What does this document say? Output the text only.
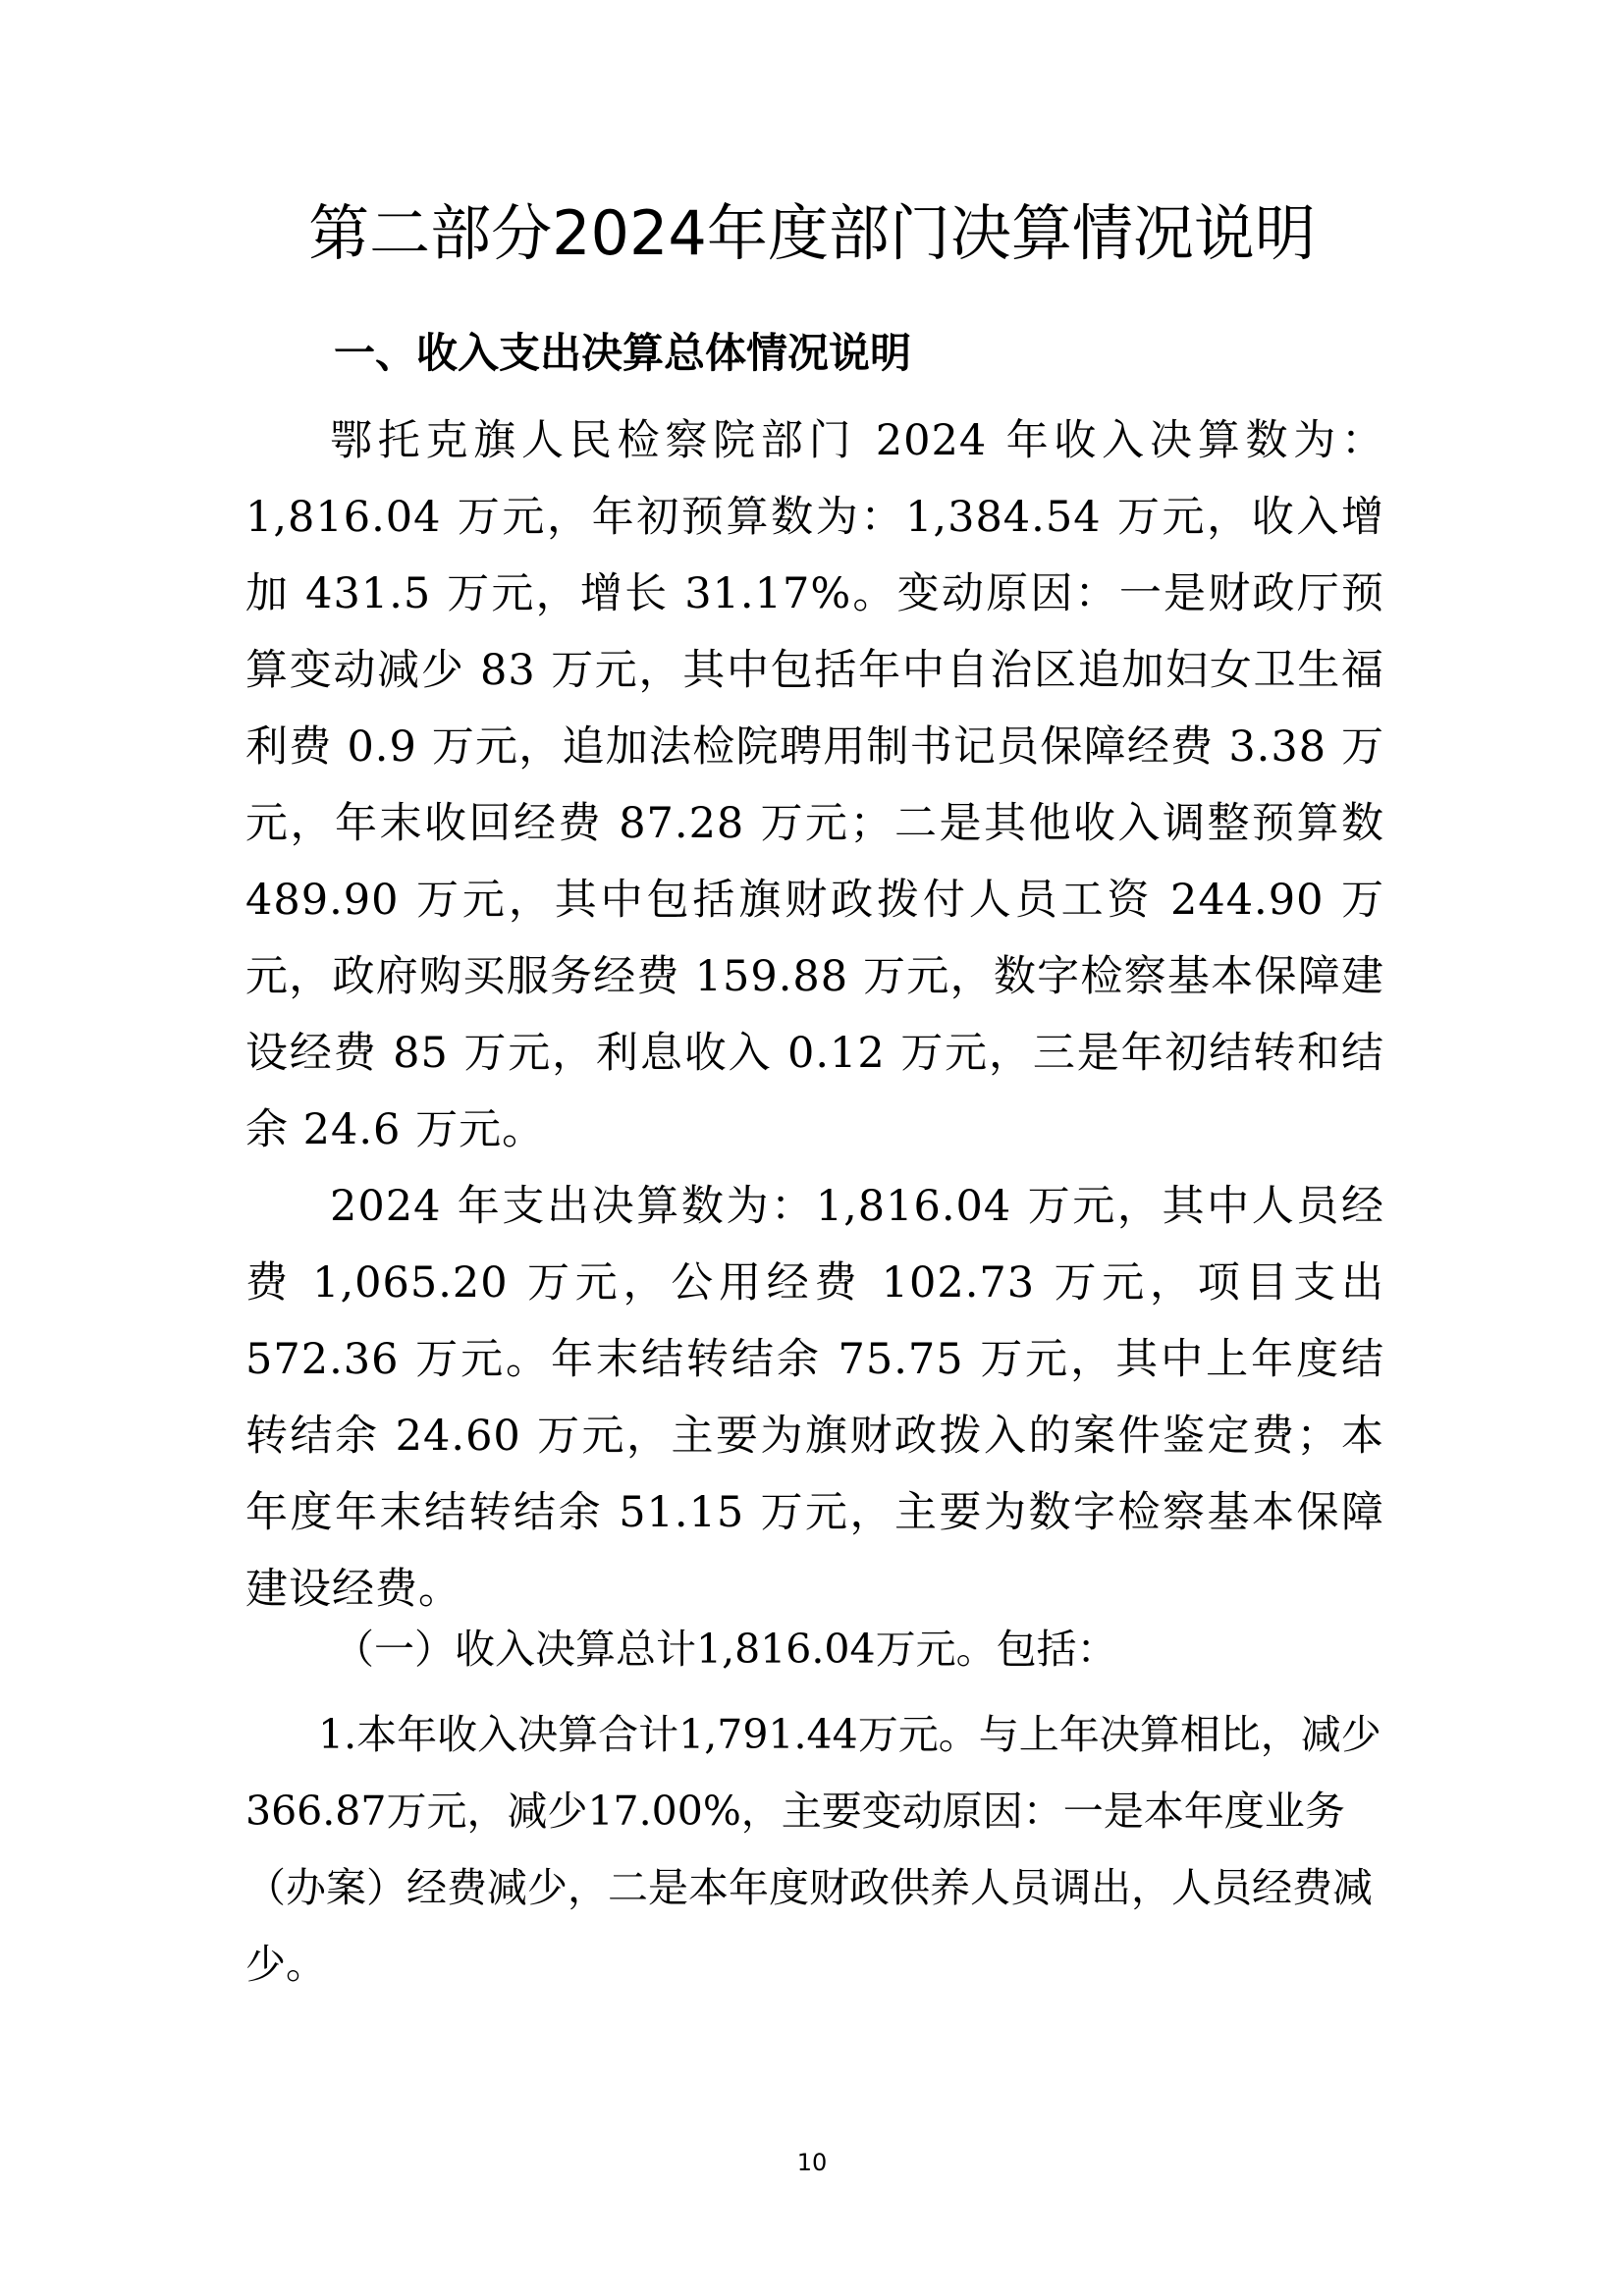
第二部分2024年度部门决算情况说明
一、收入支出决算总体情况说明

鄂托克旗人民检察院部门 2024 年收入决算数为：1,816.04 万元，年初预算数为：1,384.54 万元，收入增加 431.5 万元，增长 31.17%。变动原因：一是财政厅预算变动减少 83 万元，其中包括年中自治区追加妇女卫生福利费 0.9 万元，追加法检院聘用制书记员保障经费 3.38 万元，年末收回经费 87.28 万元；二是其他收入调整预算数 489.90 万元，其中包括旗财政拨付人员工资 244.90 万元，政府购买服务经费 159.88 万元，数字检察基本保障建设经费 85 万元，利息收入 0.12 万元，三是年初结转和结余 24.6 万元。

2024 年支出决算数为：1,816.04 万元，其中人员经费 1,065.20 万元，公用经费 102.73 万元，项目支出 572.36 万元。年末结转结余 75.75 万元，其中上年度结转结余 24.60 万元，主要为旗财政拨入的案件鉴定费；本年度年末结转结余 51.15 万元，主要为数字检察基本保障建设经费。

（一）收入决算总计1,816.04万元。包括：

1.本年收入决算合计1,791.44万元。与上年决算相比，减少366.87万元，减少17.00%，主要变动原因：一是本年度业务（办案）经费减少，二是本年度财政供养人员调出，人员经费减少。

10
